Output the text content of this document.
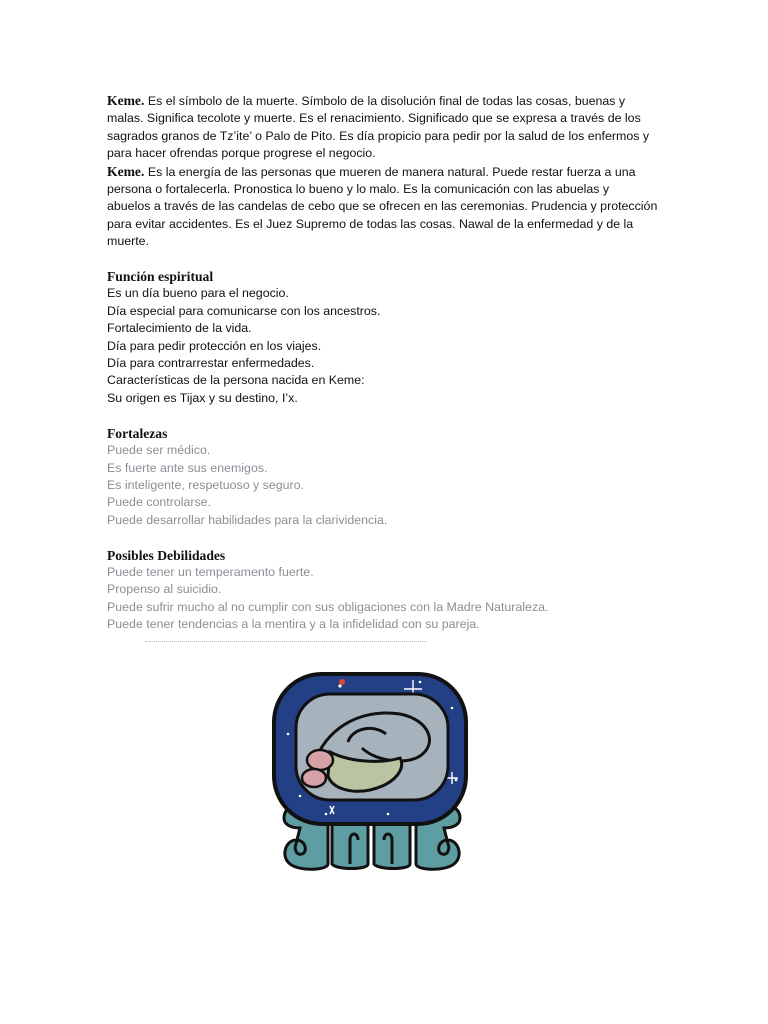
Keme. Es el símbolo de la muerte. Símbolo de la disolución final de todas las cosas, buenas y

malas. Significa tecolote y muerte. Es el renacimiento. Significado que se expresa a través de los

sagrados granos de Tz’ite’ o Palo de Pito. Es día propicio para pedir por la salud de los enfermos y

para hacer ofrendas porque progrese el negocio.

Keme. Es la energía de las personas que mueren de manera natural. Puede restar fuerza a una

persona o fortalecerla. Pronostica lo bueno y lo malo. Es la comunicación con las abuelas y

abuelos a través de las candelas de cebo que se ofrecen en las ceremonias. Prudencia y protección

para evitar accidentes. Es el Juez Supremo de todas las cosas. Nawal de la enfermedad y de la

muerte.

Función espiritual

Es un día bueno para el negocio.

Día especial para comunicarse con los ancestros.

Fortalecimiento de la vida.

Día para pedir protección en los viajes.

Día para contrarrestar enfermedades.

Características de la persona nacida en Keme:

Su origen es Tijax y su destino, I’x.

Fortalezas

Puede ser médico.

Es fuerte ante sus enemigos.

Es inteligente, respetuoso y seguro.

Puede controlarse.

Puede desarrollar habilidades para la clarividencia.

Posibles Debilidades

Puede tener un temperamento fuerte.

Propenso al suicidio.

Puede sufrir mucho al no cumplir con sus obligaciones con la Madre Naturaleza.

Puede tener tendencias a la mentira y a la infidelidad con su pareja.
